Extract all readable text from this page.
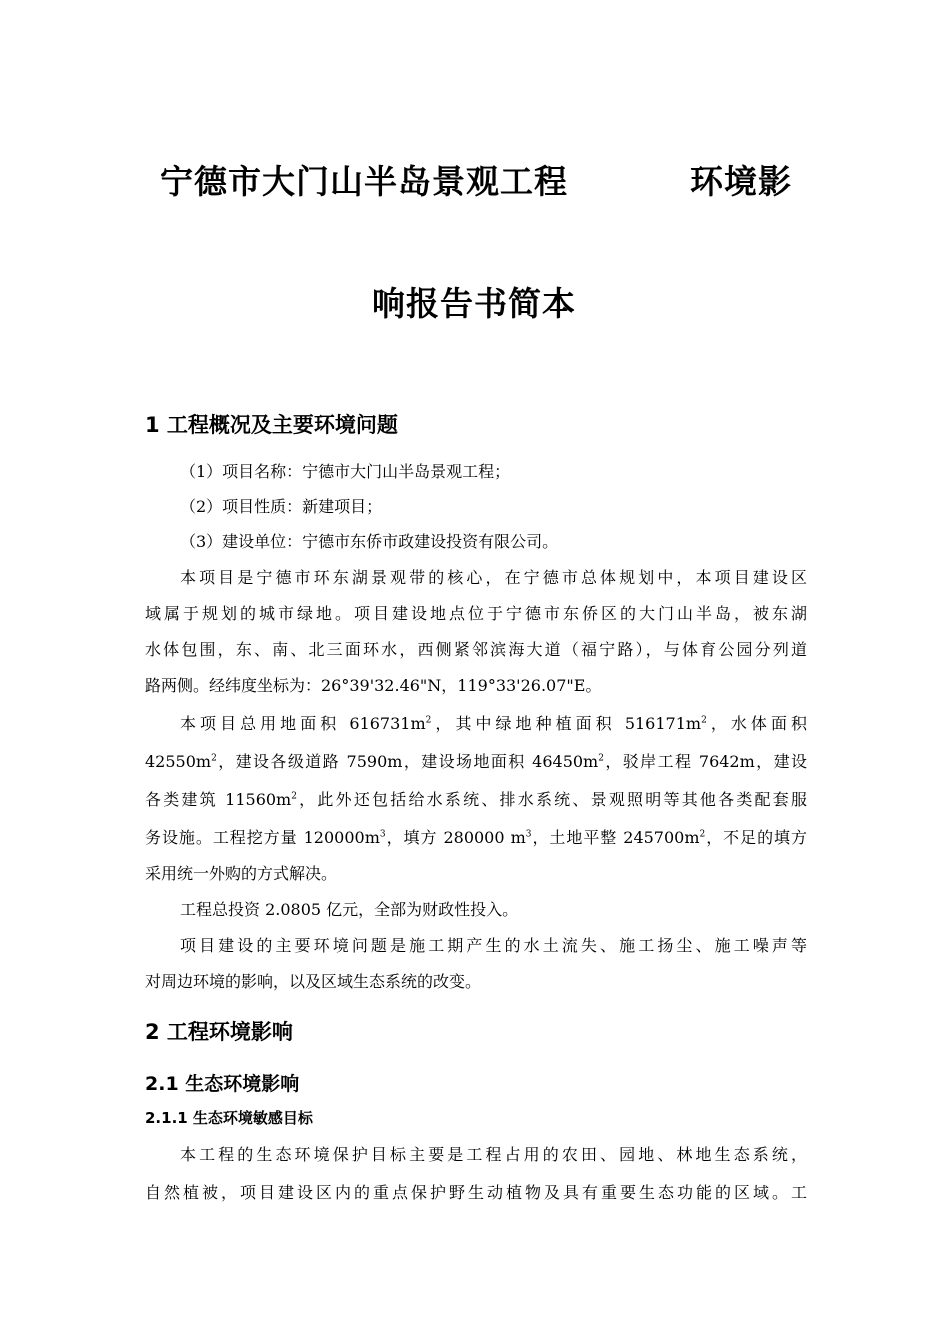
宁德市大门山半岛景观工程	环境影
响报告书简本
1 工程概况及主要环境问题
（1）项目名称：宁德市大门山半岛景观工程；
（2）项目性质：新建项目；
（3）建设单位：宁德市东侨市政建设投资有限公司。
本项目是宁德市环东湖景观带的核心，在宁德市总体规划中，本项目建设区
域属于规划的城市绿地。项目建设地点位于宁德市东侨区的大门山半岛，被东湖
水体包围，东、南、北三面环水，西侧紧邻滨海大道（福宁路），与体育公园分列道
路两侧。经纬度坐标为：26°39'32.46"N，119°33'26.07"E。
本项目总用地面积 $616731m^2$，其中绿地种植面积 $516171m^2$，水体面积
$42550m^2$，建设各级道路 7590m，建设场地面积 $46450m^2$，驳岸工程 7642m，建设
各类建筑 $11560m^2$，此外还包括给水系统、排水系统、景观照明等其他各类配套服
务设施。工程挖方量 $120000m^3$，填方 280000 $m^3$，土地平整 $245700m^2$，不足的填方
采用统一外购的方式解决。
工程总投资 2.0805 亿元，全部为财政性投入。
项目建设的主要环境问题是施工期产生的水土流失、施工扬尘、施工噪声等
对周边环境的影响，以及区域生态系统的改变。
2 工程环境影响
2.1 生态环境影响
2.1.1 生态环境敏感目标
本工程的生态环境保护目标主要是工程占用的农田、园地、林地生态系统，
自然植被，项目建设区内的重点保护野生动植物及具有重要生态功能的区域。工
